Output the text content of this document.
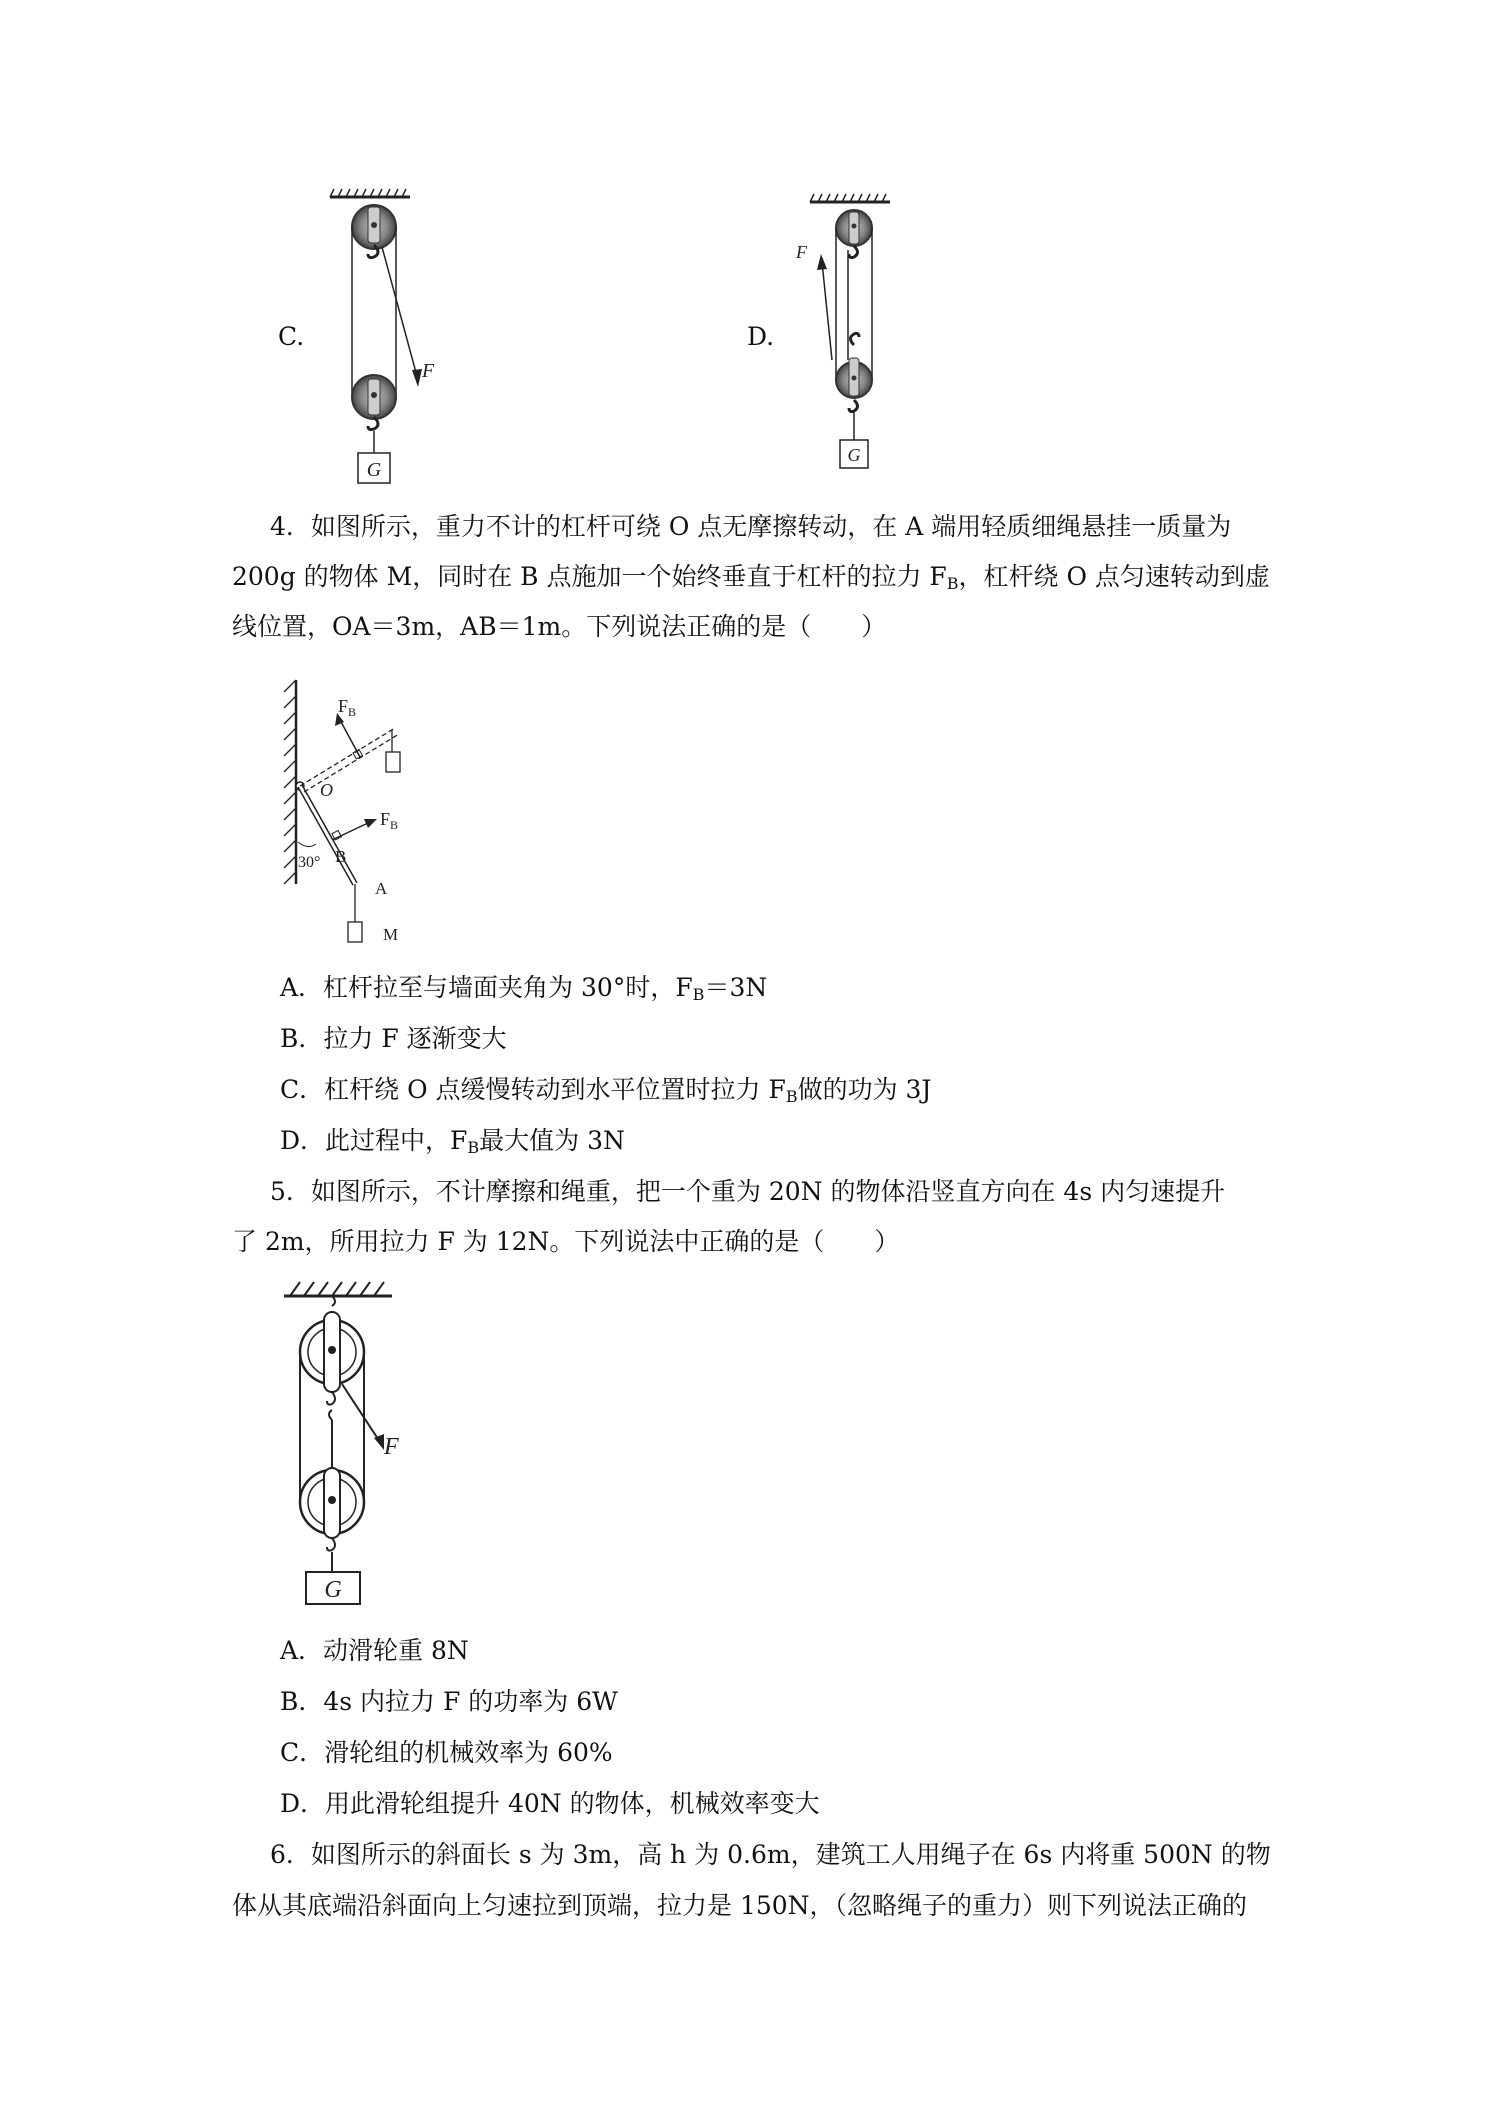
C.	D.
F
G
F
G
4．如图所示，重力不计的杠杆可绕 O 点无摩擦转动，在 A 端用轻质细绳悬挂一质量为
200g 的物体 M，同时在 B 点施加一个始终垂直于杠杆的拉力 $F_B$，杠杆绕 O 点匀速转动到虚
线位置，OA＝3m，AB＝1m。下列说法正确的是（　　）
$F_B$
$F_B$
O
B
A
M
30°
A．杠杆拉至与墙面夹角为 30°时，$F_B=3N$
B．拉力 F 逐渐变大
C．杠杆绕 O 点缓慢转动到水平位置时拉力 $F_B$做的功为 3J
D．此过程中，$F_B$最大值为 3N
5．如图所示，不计摩擦和绳重，把一个重为 20N 的物体沿竖直方向在 4s 内匀速提升
了 2m，所用拉力 F 为 12N。下列说法中正确的是（　　）
F
G
A．动滑轮重 8N
B．4s 内拉力 F 的功率为 6W
C．滑轮组的机械效率为 60%
D．用此滑轮组提升 40N 的物体，机械效率变大
6．如图所示的斜面长 s 为 3m，高 h 为 0.6m，建筑工人用绳子在 6s 内将重 500N 的物
体从其底端沿斜面向上匀速拉到顶端，拉力是 150N，（忽略绳子的重力）则下列说法正确的
